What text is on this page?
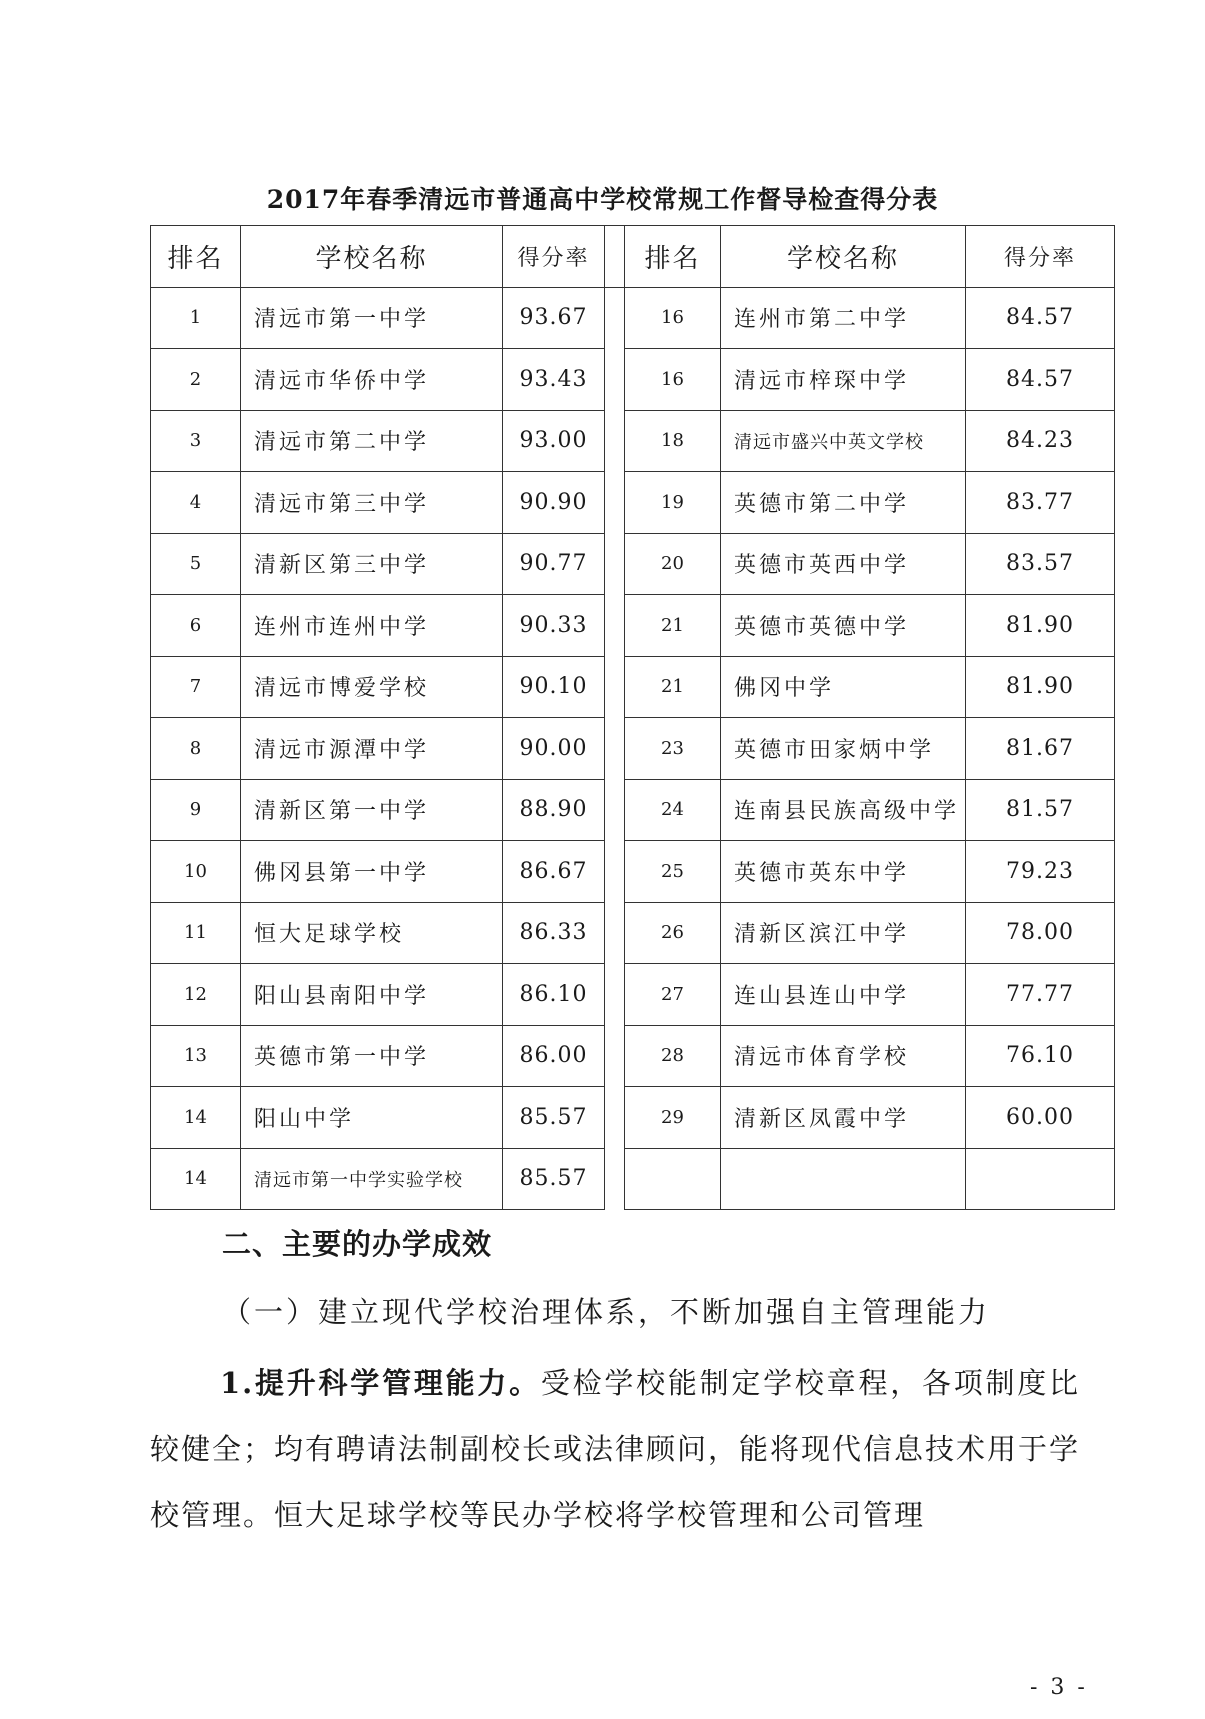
2017年春季清远市普通高中学校常规工作督导检查得分表
排名	学校名称	得分率		排名	学校名称	得分率
1	清远市第一中学	93.67		16	连州市第二中学	84.57
2	清远市华侨中学	93.43		16	清远市梓琛中学	84.57
3	清远市第二中学	93.00		18	清远市盛兴中英文学校	84.23
4	清远市第三中学	90.90		19	英德市第二中学	83.77
5	清新区第三中学	90.77		20	英德市英西中学	83.57
6	连州市连州中学	90.33		21	英德市英德中学	81.90
7	清远市博爱学校	90.10		21	佛冈中学	81.90
8	清远市源潭中学	90.00		23	英德市田家炳中学	81.67
9	清新区第一中学	88.90		24	连南县民族高级中学	81.57
10	佛冈县第一中学	86.67		25	英德市英东中学	79.23
11	恒大足球学校	86.33		26	清新区滨江中学	78.00
12	阳山县南阳中学	86.10		27	连山县连山中学	77.77
13	英德市第一中学	86.00		28	清远市体育学校	76.10
14	阳山中学	85.57		29	清新区凤霞中学	60.00
14	清远市第一中学实验学校	85.57				
二、主要的办学成效
（一）建立现代学校治理体系，不断加强自主管理能力
1.提升科学管理能力。受检学校能制定学校章程，各项制度比较健全；均有聘请法制副校长或法律顾问，能将现代信息技术用于学校管理。恒大足球学校等民办学校将学校管理和公司管理
- 3 -
